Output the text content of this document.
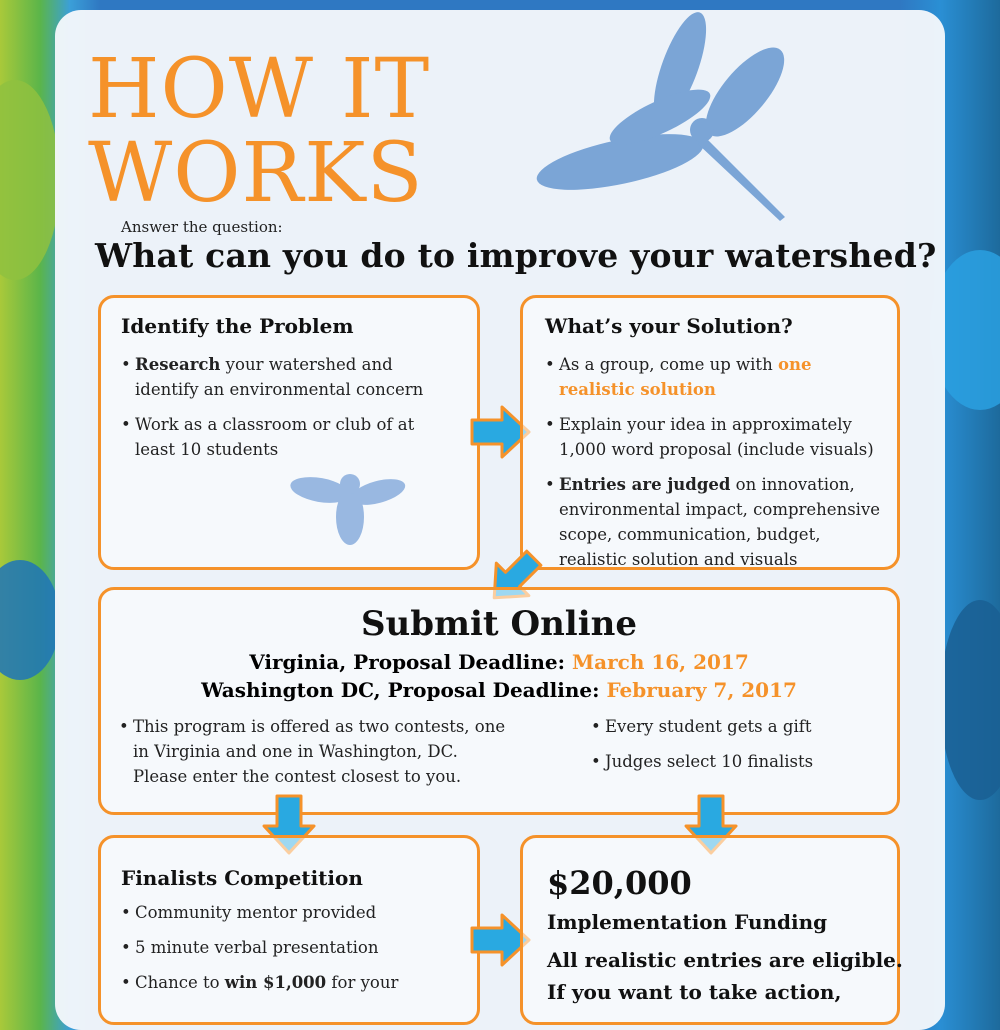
HOW IT
WORKS
Answer the question:
What can you do to improve your watershed?
Identify the Problem
• Research your watershed and identify an environmental concern
• Work as a classroom or club of at least 10 students
What’s your Solution?
• As a group, come up with one realistic solution
• Explain your idea in approximately 1,000 word proposal (include visuals)
• Entries are judged on innovation, environmental impact, comprehensive scope, communication, budget, realistic solution and visuals
Submit Online
Virginia, Proposal Deadline: March 16, 2017
Washington DC, Proposal Deadline: February 7, 2017
• This program is offered as two contests, one in Virginia and one in Washington, DC. Please enter the contest closest to you.
• Every student gets a gift
• Judges select 10 finalists
Finalists Competition
• Community mentor provided
• 5 minute verbal presentation
• Chance to win $1,000 for your
$20,000
Implementation Funding
All realistic entries are eligible.
If you want to take action,
